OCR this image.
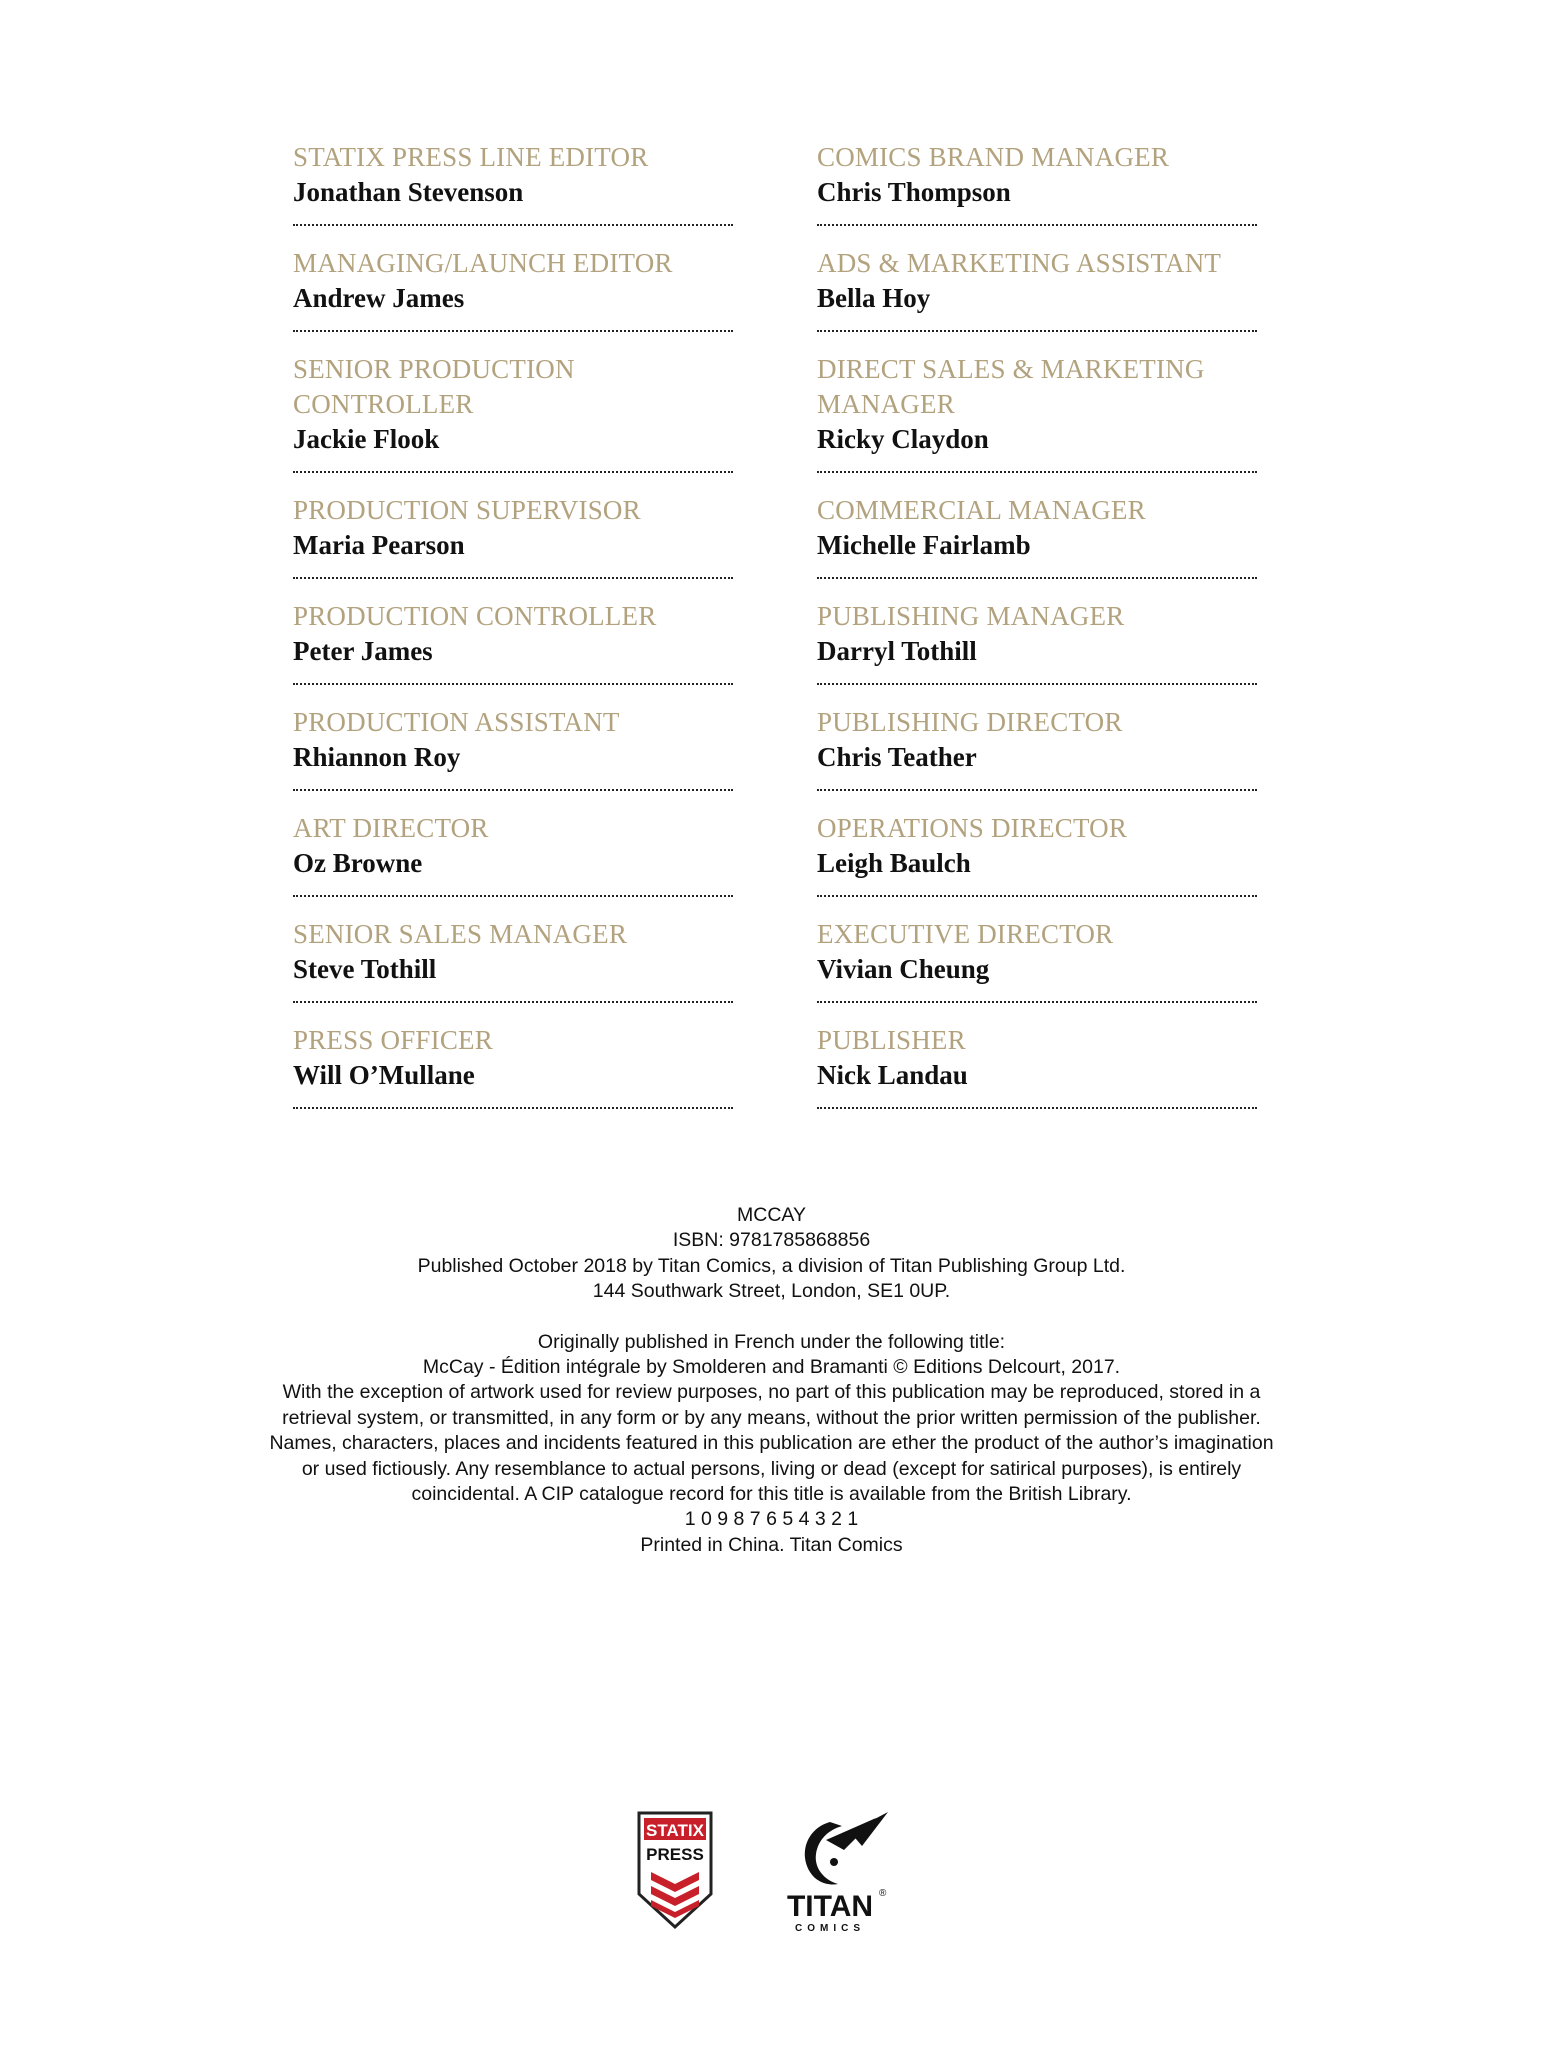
STATIX PRESS LINE EDITOR
Jonathan Stevenson
MANAGING/LAUNCH EDITOR
Andrew James
SENIOR PRODUCTION CONTROLLER
Jackie Flook
PRODUCTION SUPERVISOR
Maria Pearson
PRODUCTION CONTROLLER
Peter James
PRODUCTION ASSISTANT
Rhiannon Roy
ART DIRECTOR
Oz Browne
SENIOR SALES MANAGER
Steve Tothill
PRESS OFFICER
Will O’Mullane
COMICS BRAND MANAGER
Chris Thompson
ADS & MARKETING ASSISTANT
Bella Hoy
DIRECT SALES & MARKETING MANAGER
Ricky Claydon
COMMERCIAL MANAGER
Michelle Fairlamb
PUBLISHING MANAGER
Darryl Tothill
PUBLISHING DIRECTOR
Chris Teather
OPERATIONS DIRECTOR
Leigh Baulch
EXECUTIVE DIRECTOR
Vivian Cheung
PUBLISHER
Nick Landau
MCCAY
ISBN: 9781785868856
Published October 2018 by Titan Comics, a division of Titan Publishing Group Ltd.
144 Southwark Street, London, SE1 0UP.
Originally published in French under the following title:
McCay - Édition intégrale by Smolderen and Bramanti © Editions Delcourt, 2017.
With the exception of artwork used for review purposes, no part of this publication may be reproduced, stored in a
retrieval system, or transmitted, in any form or by any means, without the prior written permission of the publisher.
Names, characters, places and incidents featured in this publication are ether the product of the author’s imagination
or used fictiously. Any resemblance to actual persons, living or dead (except for satirical purposes), is entirely
coincidental. A CIP catalogue record for this title is available from the British Library.
1 0 9 8 7 6 5 4 3 2 1
Printed in China. Titan Comics
STATIX
PRESS
TITAN ®
COMICS
